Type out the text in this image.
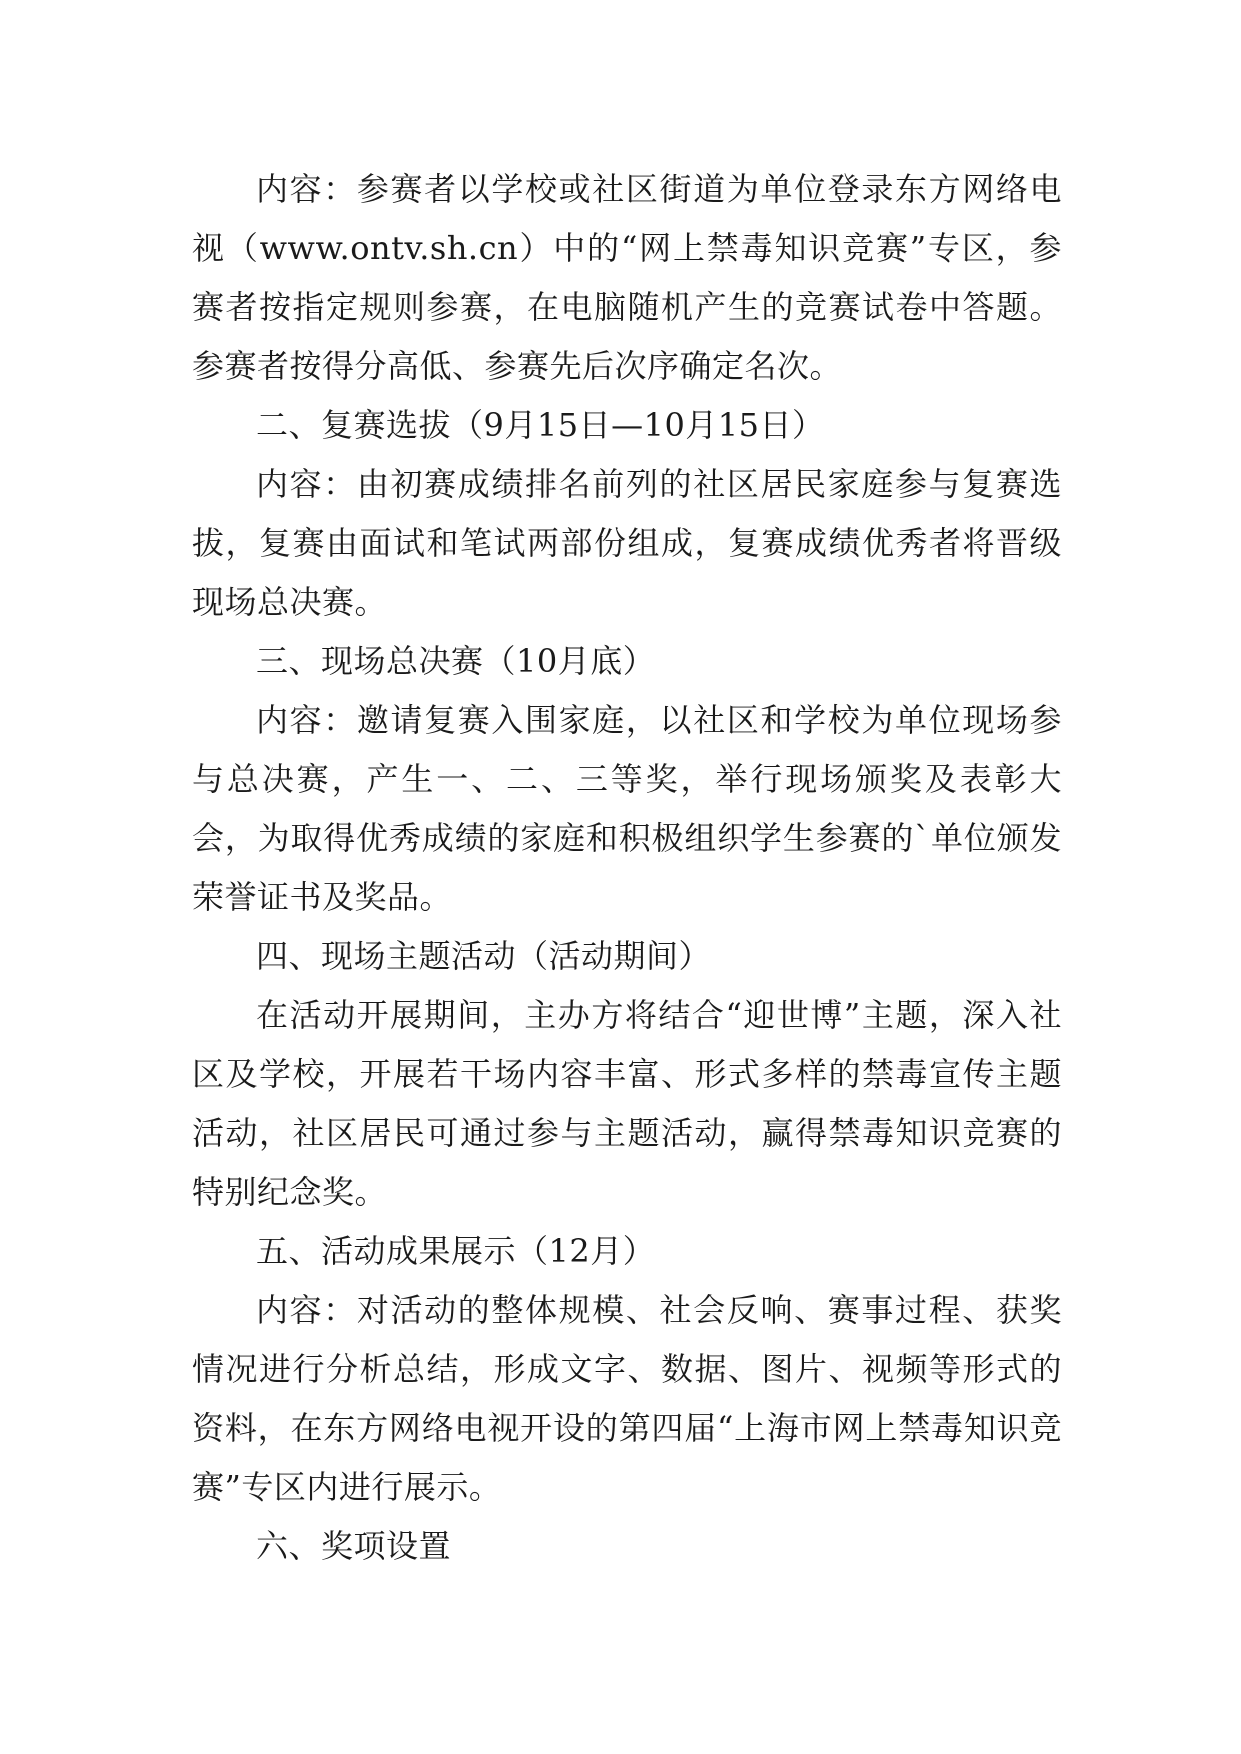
内容：参赛者以学校或社区街道为单位登录东方网络电视（www.ontv.sh.cn）中的“网上禁毒知识竞赛”专区，参赛者按指定规则参赛，在电脑随机产生的竞赛试卷中答题。参赛者按得分高低、参赛先后次序确定名次。

二、复赛选拔（9月15日—10月15日）

内容：由初赛成绩排名前列的社区居民家庭参与复赛选拔，复赛由面试和笔试两部份组成，复赛成绩优秀者将晋级现场总决赛。

三、现场总决赛（10月底）

内容：邀请复赛入围家庭，以社区和学校为单位现场参与总决赛，产生一、二、三等奖，举行现场颁奖及表彰大会，为取得优秀成绩的家庭和积极组织学生参赛的`单位颁发荣誉证书及奖品。

四、现场主题活动（活动期间）

在活动开展期间，主办方将结合“迎世博”主题，深入社区及学校，开展若干场内容丰富、形式多样的禁毒宣传主题活动，社区居民可通过参与主题活动，赢得禁毒知识竞赛的特别纪念奖。

五、活动成果展示（12月）

内容：对活动的整体规模、社会反响、赛事过程、获奖情况进行分析总结，形成文字、数据、图片、视频等形式的资料，在东方网络电视开设的第四届“上海市网上禁毒知识竞赛”专区内进行展示。

六、奖项设置
